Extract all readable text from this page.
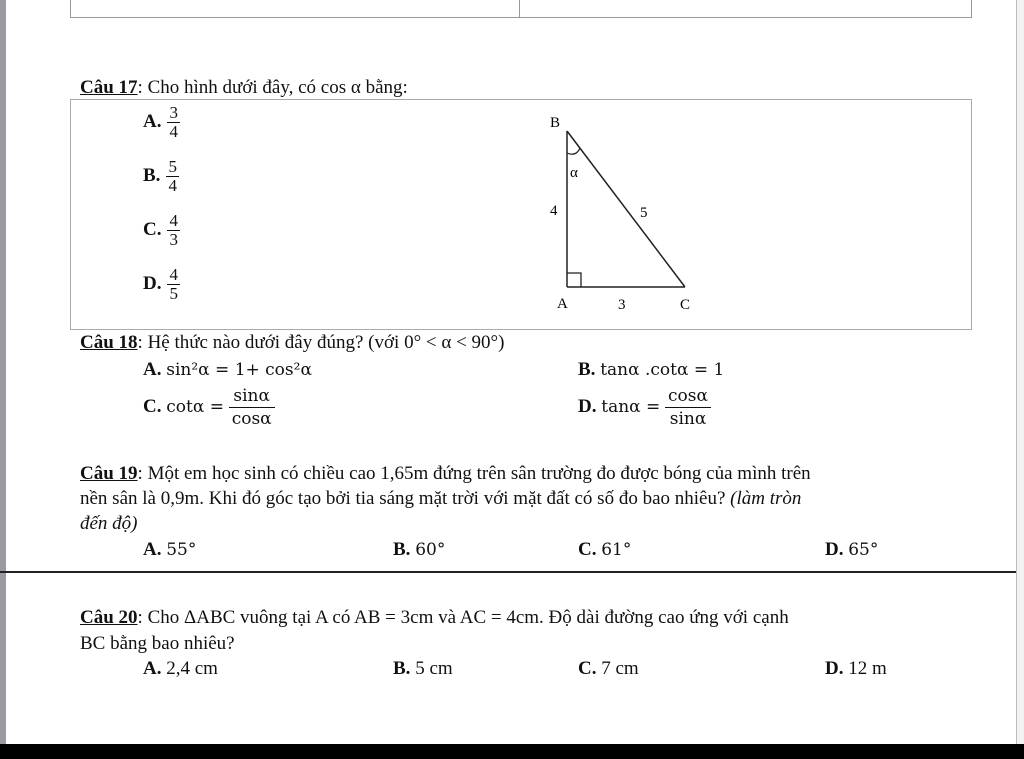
Câu 17: Cho hình dưới đây, có cos α bằng:
A. $\frac{3}{4}$
B. $\frac{5}{4}$
C. $\frac{4}{3}$
D. $\frac{4}{5}$
B
α
4	5
A	3	C
Câu 18: Hệ thức nào dưới đây đúng? (với 0° < α < 90°)
A. sin²α = 1+ cos²α	B. tanα .cotα = 1
C. $\cot\alpha = \frac{\sin\alpha}{\cos\alpha}$	D. $\tan\alpha = \frac{\cos\alpha}{\sin\alpha}$
Câu 19: Một em học sinh có chiều cao 1,65m đứng trên sân trường đo được bóng của mình trên
nền sân là 0,9m. Khi đó góc tạo bởi tia sáng mặt trời với mặt đất có số đo bao nhiêu? (làm tròn
đến độ)
A. 55°	B. 60°	C. 61°	D. 65°
Câu 20: Cho ΔABC vuông tại A có AB = 3cm và AC = 4cm. Độ dài đường cao ứng với cạnh
BC bằng bao nhiêu?
A. 2,4 cm	B. 5 cm	C. 7 cm	D. 12 m
